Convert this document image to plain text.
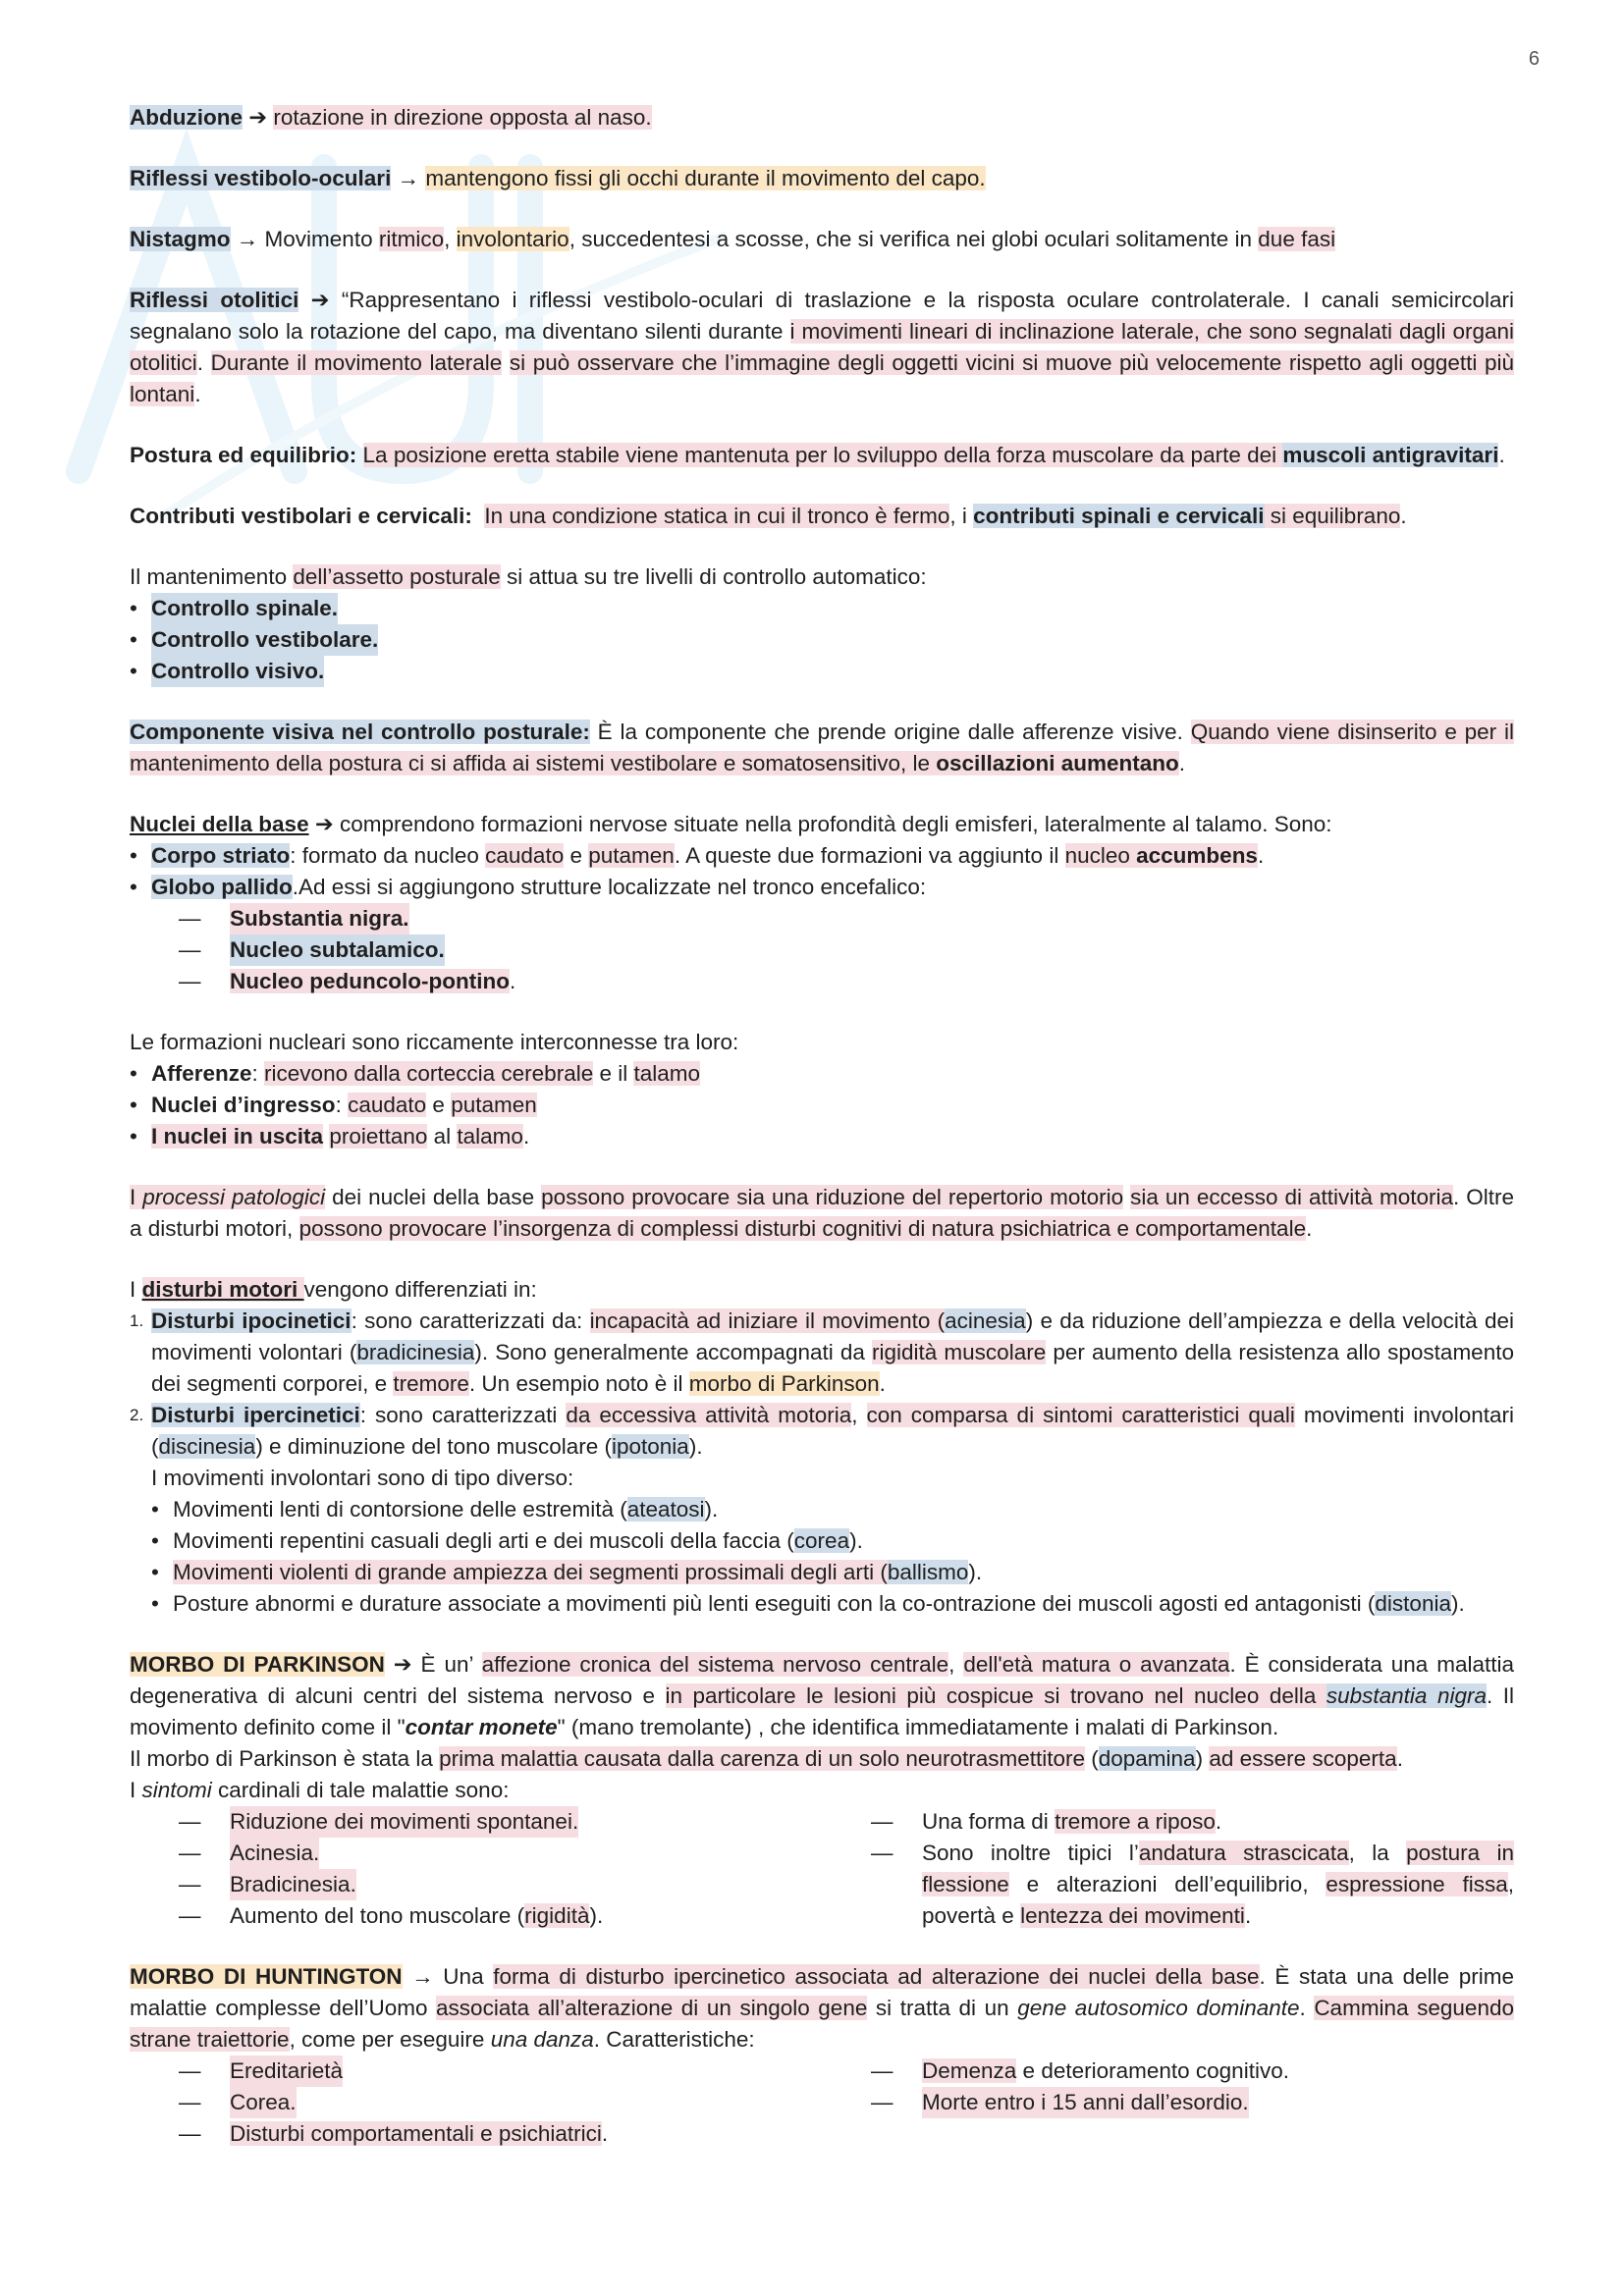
6

Abduzione ➔ rotazione in direzione opposta al naso.

Riflessi vestibolo-oculari → mantengono fissi gli occhi durante il movimento del capo.

Nistagmo → Movimento ritmico, involontario, succedentesi a scosse, che si verifica nei globi oculari solitamente in due fasi

Riflessi otolitici ➔ “Rappresentano i riflessi vestibolo-oculari di traslazione e la risposta oculare controlaterale. I canali semicircolari segnalano solo la rotazione del capo, ma diventano silenti durante i movimenti lineari di inclinazione laterale, che sono segnalati dagli organi otolitici. Durante il movimento laterale si può osservare che l’immagine degli oggetti vicini si muove più velocemente rispetto agli oggetti più lontani.

Postura ed equilibrio: La posizione eretta stabile viene mantenuta per lo sviluppo della forza muscolare da parte dei muscoli antigravitari.

Contributi vestibolari e cervicali: In una condizione statica in cui il tronco è fermo, i contributi spinali e cervicali si equilibrano.

Il mantenimento dell’assetto posturale si attua su tre livelli di controllo automatico:

• Controllo spinale.
• Controllo vestibolare.
• Controllo visivo.

Componente visiva nel controllo posturale: È la componente che prende origine dalle afferenze visive. Quando viene disinserito e per il mantenimento della postura ci si affida ai sistemi vestibolare e somatosensitivo, le oscillazioni aumentano.

Nuclei della base ➔ comprendono formazioni nervose situate nella profondità degli emisferi, lateralmente al talamo. Sono:

• Corpo striato: formato da nucleo caudato e putamen. A queste due formazioni va aggiunto il nucleo accumbens.
• Globo pallido.Ad essi si aggiungono strutture localizzate nel tronco encefalico:
—	Substantia nigra.
—	Nucleo subtalamico.
—	Nucleo peduncolo-pontino.

Le formazioni nucleari sono riccamente interconnesse tra loro:

• Afferenze: ricevono dalla corteccia cerebrale e il talamo
• Nuclei d’ingresso: caudato e putamen
• I nuclei in uscita proiettano al talamo.

I processi patologici dei nuclei della base possono provocare sia una riduzione del repertorio motorio sia un eccesso di attività motoria. Oltre a disturbi motori, possono provocare l’insorgenza di complessi disturbi cognitivi di natura psichiatrica e comportamentale.

I disturbi motori vengono differenziati in:

1. Disturbi ipocinetici: sono caratterizzati da: incapacità ad iniziare il movimento (acinesia) e da riduzione dell’ampiezza e della velocità dei movimenti volontari (bradicinesia). Sono generalmente accompagnati da rigidità muscolare per aumento della resistenza allo spostamento dei segmenti corporei, e tremore. Un esempio noto è il morbo di Parkinson.

2. Disturbi ipercinetici: sono caratterizzati da eccessiva attività motoria, con comparsa di sintomi caratteristici quali movimenti involontari (discinesia) e diminuzione del tono muscolare (ipotonia).

I movimenti involontari sono di tipo diverso:

• Movimenti lenti di contorsione delle estremità (ateatosi).
• Movimenti repentini casuali degli arti e dei muscoli della faccia (corea).
• Movimenti violenti di grande ampiezza dei segmenti prossimali degli arti (ballismo).
• Posture abnormi e durature associate a movimenti più lenti eseguiti con la co-ontrazione dei muscoli agosti ed antagonisti (distonia).

MORBO DI PARKINSON ➔ È un’ affezione cronica del sistema nervoso centrale, dell'età matura o avanzata. È considerata una malattia degenerativa di alcuni centri del sistema nervoso e in particolare le lesioni più cospicue si trovano nel nucleo della substantia nigra. Il movimento definito come il "contar monete" (mano tremolante) , che identifica immediatamente i malati di Parkinson.

Il morbo di Parkinson è stata la prima malattia causata dalla carenza di un solo neurotrasmettitore (dopamina) ad essere scoperta.

I sintomi cardinali di tale malattie sono:

—	Riduzione dei movimenti spontanei.
—	Acinesia.
—	Bradicinesia.
—	Aumento del tono muscolare (rigidità).
—	Una forma di tremore a riposo.
—	Sono inoltre tipici l’andatura strascicata, la postura in flessione e alterazioni dell’equilibrio, espressione fissa, povertà e lentezza dei movimenti.

MORBO DI HUNTINGTON → Una forma di disturbo ipercinetico associata ad alterazione dei nuclei della base. È stata una delle prime malattie complesse dell’Uomo associata all’alterazione di un singolo gene si tratta di un gene autosomico dominante. Cammina seguendo strane traiettorie, come per eseguire una danza. Caratteristiche:

—	Ereditarietà
—	Corea.
—	Disturbi comportamentali e psichiatrici.
—	Demenza e deterioramento cognitivo.
—	Morte entro i 15 anni dall’esordio.
